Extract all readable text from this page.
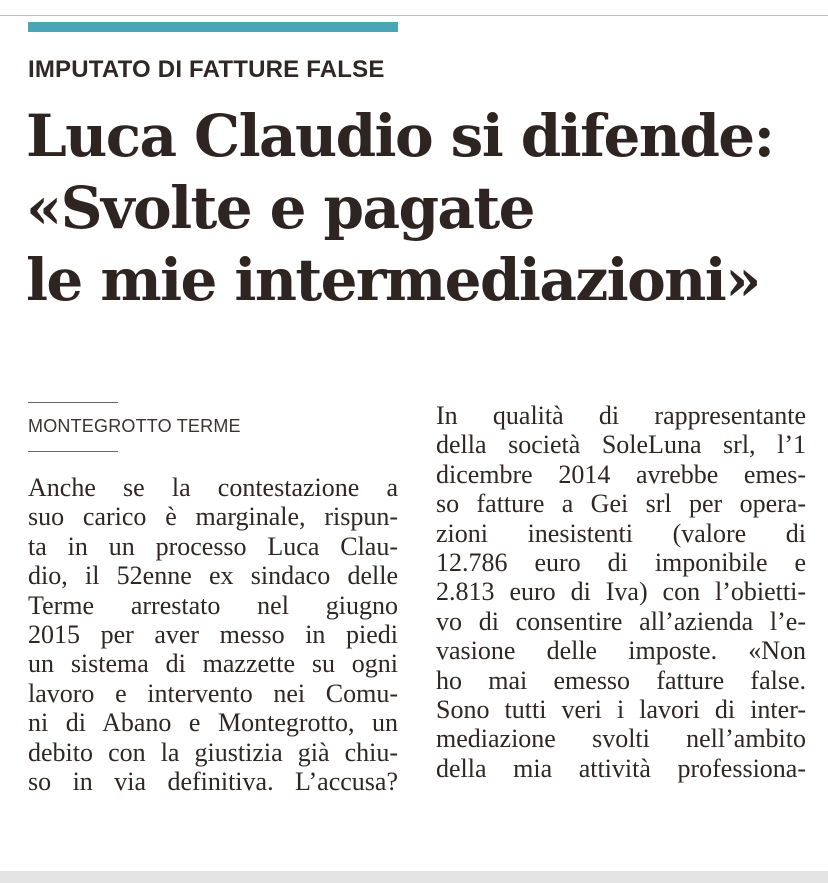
IMPUTATO DI FATTURE FALSE
Luca Claudio si difende:
«Svolte e pagate
le mie intermediazioni»
MONTEGROTTO TERME
Anche se la contestazione a
suo carico è marginale, rispun-
ta in un processo Luca Clau-
dio, il 52enne ex sindaco delle
Terme arrestato nel giugno
2015 per aver messo in piedi
un sistema di mazzette su ogni
lavoro e intervento nei Comu-
ni di Abano e Montegrotto, un
debito con la giustizia già chiu-
so in via definitiva. L’accusa?
In qualità di rappresentante
della società SoleLuna srl, l’1
dicembre 2014 avrebbe emes-
so fatture a Gei srl per opera-
zioni inesistenti (valore di
12.786 euro di imponibile e
2.813 euro di Iva) con l’obietti-
vo di consentire all’azienda l’e-
vasione delle imposte. «Non
ho mai emesso fatture false.
Sono tutti veri i lavori di inter-
mediazione svolti nell’ambito
della mia attività professiona-
